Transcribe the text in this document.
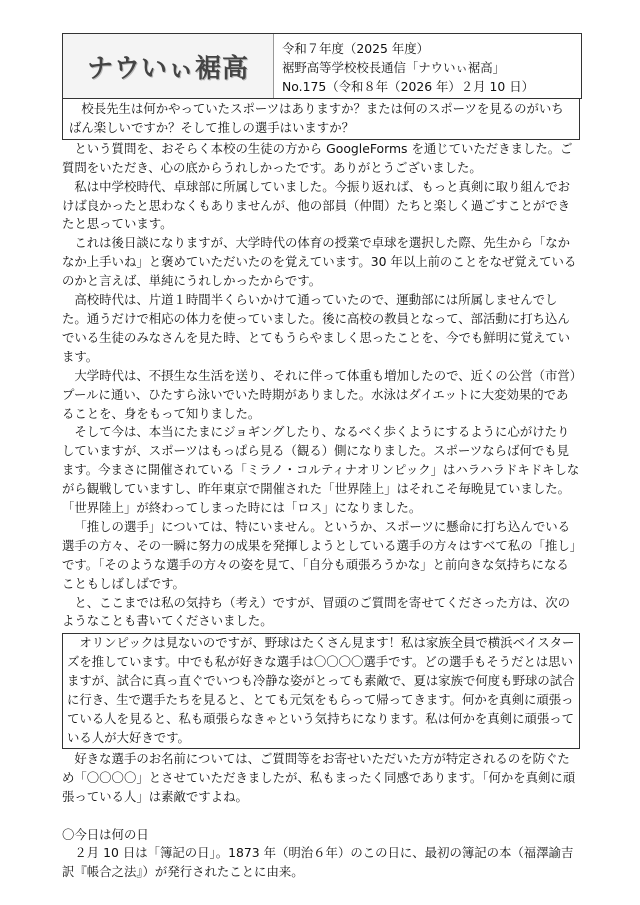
ナウいぃ裾高
令和７年度（2025 年度）
裾野高等学校校長通信「ナウいぃ裾高」
No.175（令和８年（2026 年）２月 10 日）

校長先生は何かやっていたスポーツはありますか？または何のスポーツを見るのがいちばん楽しいですか？そして推しの選手はいますか？

という質問を、おそらく本校の生徒の方から GoogleForms を通じていただきました。ご質問をいただき、心の底からうれしかったです。ありがとうございました。

私は中学校時代、卓球部に所属していました。今振り返れば、もっと真剣に取り組んでおけば良かったと思わなくもありませんが、他の部員（仲間）たちと楽しく過ごすことができたと思っています。

これは後日談になりますが、大学時代の体育の授業で卓球を選択した際、先生から「なかなか上手いね」と褒めていただいたのを覚えています。30 年以上前のことをなぜ覚えているのかと言えば、単純にうれしかったからです。

高校時代は、片道１時間半くらいかけて通っていたので、運動部には所属しませんでした。通うだけで相応の体力を使っていました。後に高校の教員となって、部活動に打ち込んでいる生徒のみなさんを見た時、とてもうらやましく思ったことを、今でも鮮明に覚えています。

大学時代は、不摂生な生活を送り、それに伴って体重も増加したので、近くの公営（市営）プールに通い、ひたすら泳いでいた時期がありました。水泳はダイエットに大変効果的であることを、身をもって知りました。

そして今は、本当にたまにジョギングしたり、なるべく歩くようにするように心がけたりしていますが、スポーツはもっぱら見る（観る）側になりました。スポーツならば何でも見ます。今まさに開催されている「ミラノ・コルティナオリンピック」はハラハラドキドキしながら観戦していますし、昨年東京で開催された「世界陸上」はそれこそ毎晩見ていました。「世界陸上」が終わってしまった時には「ロス」になりました。

「推しの選手」については、特にいません。というか、スポーツに懸命に打ち込んでいる選手の方々、その一瞬に努力の成果を発揮しようとしている選手の方々はすべて私の「推し」です。「そのような選手の方々の姿を見て、「自分も頑張ろうかな」と前向きな気持ちになることもしばしばです。

と、ここまでは私の気持ち（考え）ですが、冒頭のご質問を寄せてくださった方は、次のようなことも書いてくださいました。

オリンピックは見ないのですが、野球はたくさん見ます！私は家族全員で横浜ベイスターズを推しています。中でも私が好きな選手は〇〇〇〇選手です。どの選手もそうだとは思いますが、試合に真っ直ぐでいつも冷静な姿がとっても素敵で、夏は家族で何度も野球の試合に行き、生で選手たちを見ると、とても元気をもらって帰ってきます。何かを真剣に頑張っている人を見ると、私も頑張らなきゃという気持ちになります。私は何かを真剣に頑張っている人が大好きです。

好きな選手のお名前については、ご質問等をお寄せいただいた方が特定されるのを防ぐため「〇〇〇〇」とさせていただきましたが、私もまったく同感であります。「何かを真剣に頑張っている人」は素敵ですよね。

〇今日は何の日

２月 10 日は「簿記の日」。1873 年（明治６年）のこの日に、最初の簿記の本（福澤諭吉訳『帳合之法』）が発行されたことに由来。
